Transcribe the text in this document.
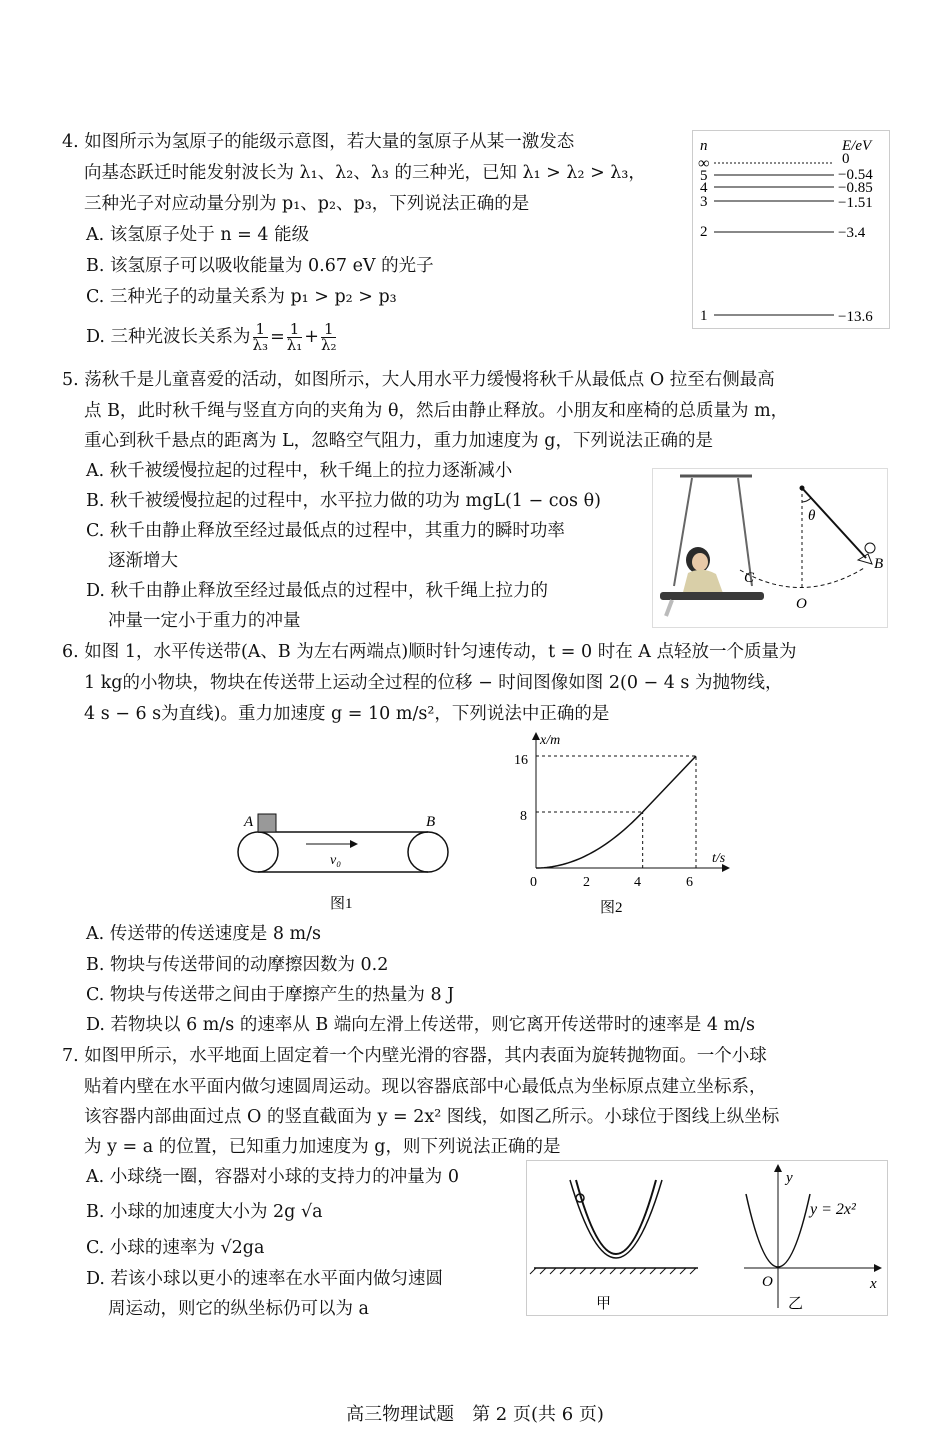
4. 如图所示为氢原子的能级示意图，若大量的氢原子从某一激发态
向基态跃迁时能发射波长为 λ₁、λ₂、λ₃ 的三种光，已知 λ₁ > λ₂ > λ₃，
三种光子对应动量分别为 p₁、p₂、p₃，下列说法正确的是
A. 该氢原子处于 n = 4 能级
B. 该氢原子可以吸收能量为 0.67 eV 的光子
C. 三种光子的动量关系为 p₁ > p₂ > p₃
D. 三种光波长关系为 $\frac{1}{\text{λ₃}} = \frac{1}{\text{λ₁}} + \frac{1}{\text{λ₂}}$
n	E/eV
∞	0
5	−0.54
4	−0.85
3	−1.51
2	−3.4
1	−13.6
5. 荡秋千是儿童喜爱的活动，如图所示，大人用水平力缓慢将秋千从最低点 O 拉至右侧最高
点 B，此时秋千绳与竖直方向的夹角为 θ，然后由静止释放。小朋友和座椅的总质量为 m，
重心到秋千悬点的距离为 L，忽略空气阻力，重力加速度为 g，下列说法正确的是
A. 秋千被缓慢拉起的过程中，秋千绳上的拉力逐渐减小
B. 秋千被缓慢拉起的过程中，水平拉力做的功为 mgL(1 − cos θ)
C. 秋千由静止释放至经过最低点的过程中，其重力的瞬时功率
逐渐增大
D. 秋千由静止释放至经过最低点的过程中，秋千绳上拉力的
冲量一定小于重力的冲量
θ
B
C
O
6. 如图 1，水平传送带(A、B 为左右两端点)顺时针匀速传动，t = 0 时在 A 点轻放一个质量为
1 kg的小物块，物块在传送带上运动全过程的位移 − 时间图像如图 2(0 − 4 s 为抛物线，
4 s − 6 s为直线)。重力加速度 g = 10 m/s²，下列说法中正确的是
A	B
v₀
图1
x/m
t/s
0	2	4	6
8
16
图2
A. 传送带的传送速度是 8 m/s
B. 物块与传送带间的动摩擦因数为 0.2
C. 物块与传送带之间由于摩擦产生的热量为 8 J
D. 若物块以 6 m/s 的速率从 B 端向左滑上传送带，则它离开传送带时的速率是 4 m/s
7. 如图甲所示，水平地面上固定着一个内壁光滑的容器，其内表面为旋转抛物面。一个小球
贴着内壁在水平面内做匀速圆周运动。现以容器底部中心最低点为坐标原点建立坐标系，
该容器内部曲面过点 O 的竖直截面为 y = 2x² 图线，如图乙所示。小球位于图线上纵坐标
为 y = a 的位置，已知重力加速度为 g，则下列说法正确的是
A. 小球绕一圈，容器对小球的支持力的冲量为 0
B. 小球的加速度大小为 2g √a
C. 小球的速率为 √2ga
D. 若该小球以更小的速率在水平面内做匀速圆
周运动，则它的纵坐标仍可以为 a	甲
y
x
O
y = 2x²
乙
高三物理试题　第 2 页(共 6 页)
